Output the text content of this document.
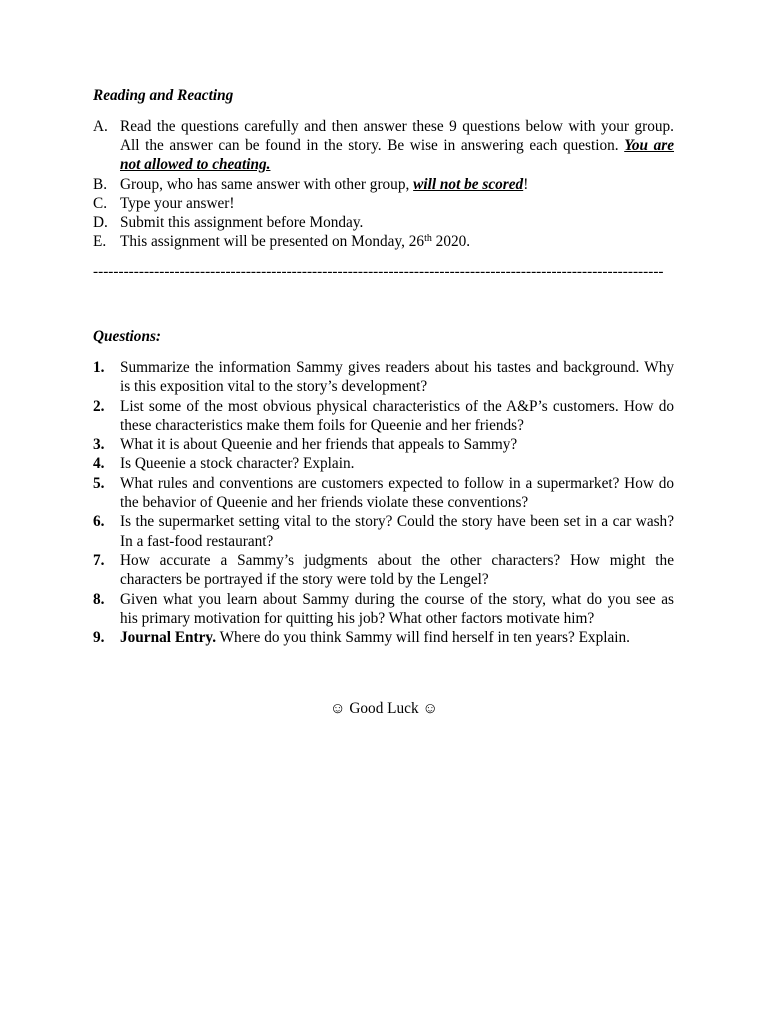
Reading and Reacting
A. Read the questions carefully and then answer these 9 questions below with your group.
All the answer can be found in the story. Be wise in answering each question. You are
not allowed to cheating.
B. Group, who has same answer with other group, will not be scored!
C. Type your answer!
D. Submit this assignment before Monday.
E. This assignment will be presented on Monday, 26th 2020.
----------------------------------------------------------------------------------------------------------------
Questions:
1. Summarize the information Sammy gives readers about his tastes and background. Why
is this exposition vital to the story’s development?
2. List some of the most obvious physical characteristics of the A&P’s customers. How do
these characteristics make them foils for Queenie and her friends?
3. What it is about Queenie and her friends that appeals to Sammy?
4. Is Queenie a stock character? Explain.
5. What rules and conventions are customers expected to follow in a supermarket? How do
the behavior of Queenie and her friends violate these conventions?
6. Is the supermarket setting vital to the story? Could the story have been set in a car wash?
In a fast-food restaurant?
7. How accurate a Sammy’s judgments about the other characters? How might the
characters be portrayed if the story were told by the Lengel?
8. Given what you learn about Sammy during the course of the story, what do you see as
his primary motivation for quitting his job? What other factors motivate him?
9. Journal Entry. Where do you think Sammy will find herself in ten years? Explain.
☺ Good Luck ☺
